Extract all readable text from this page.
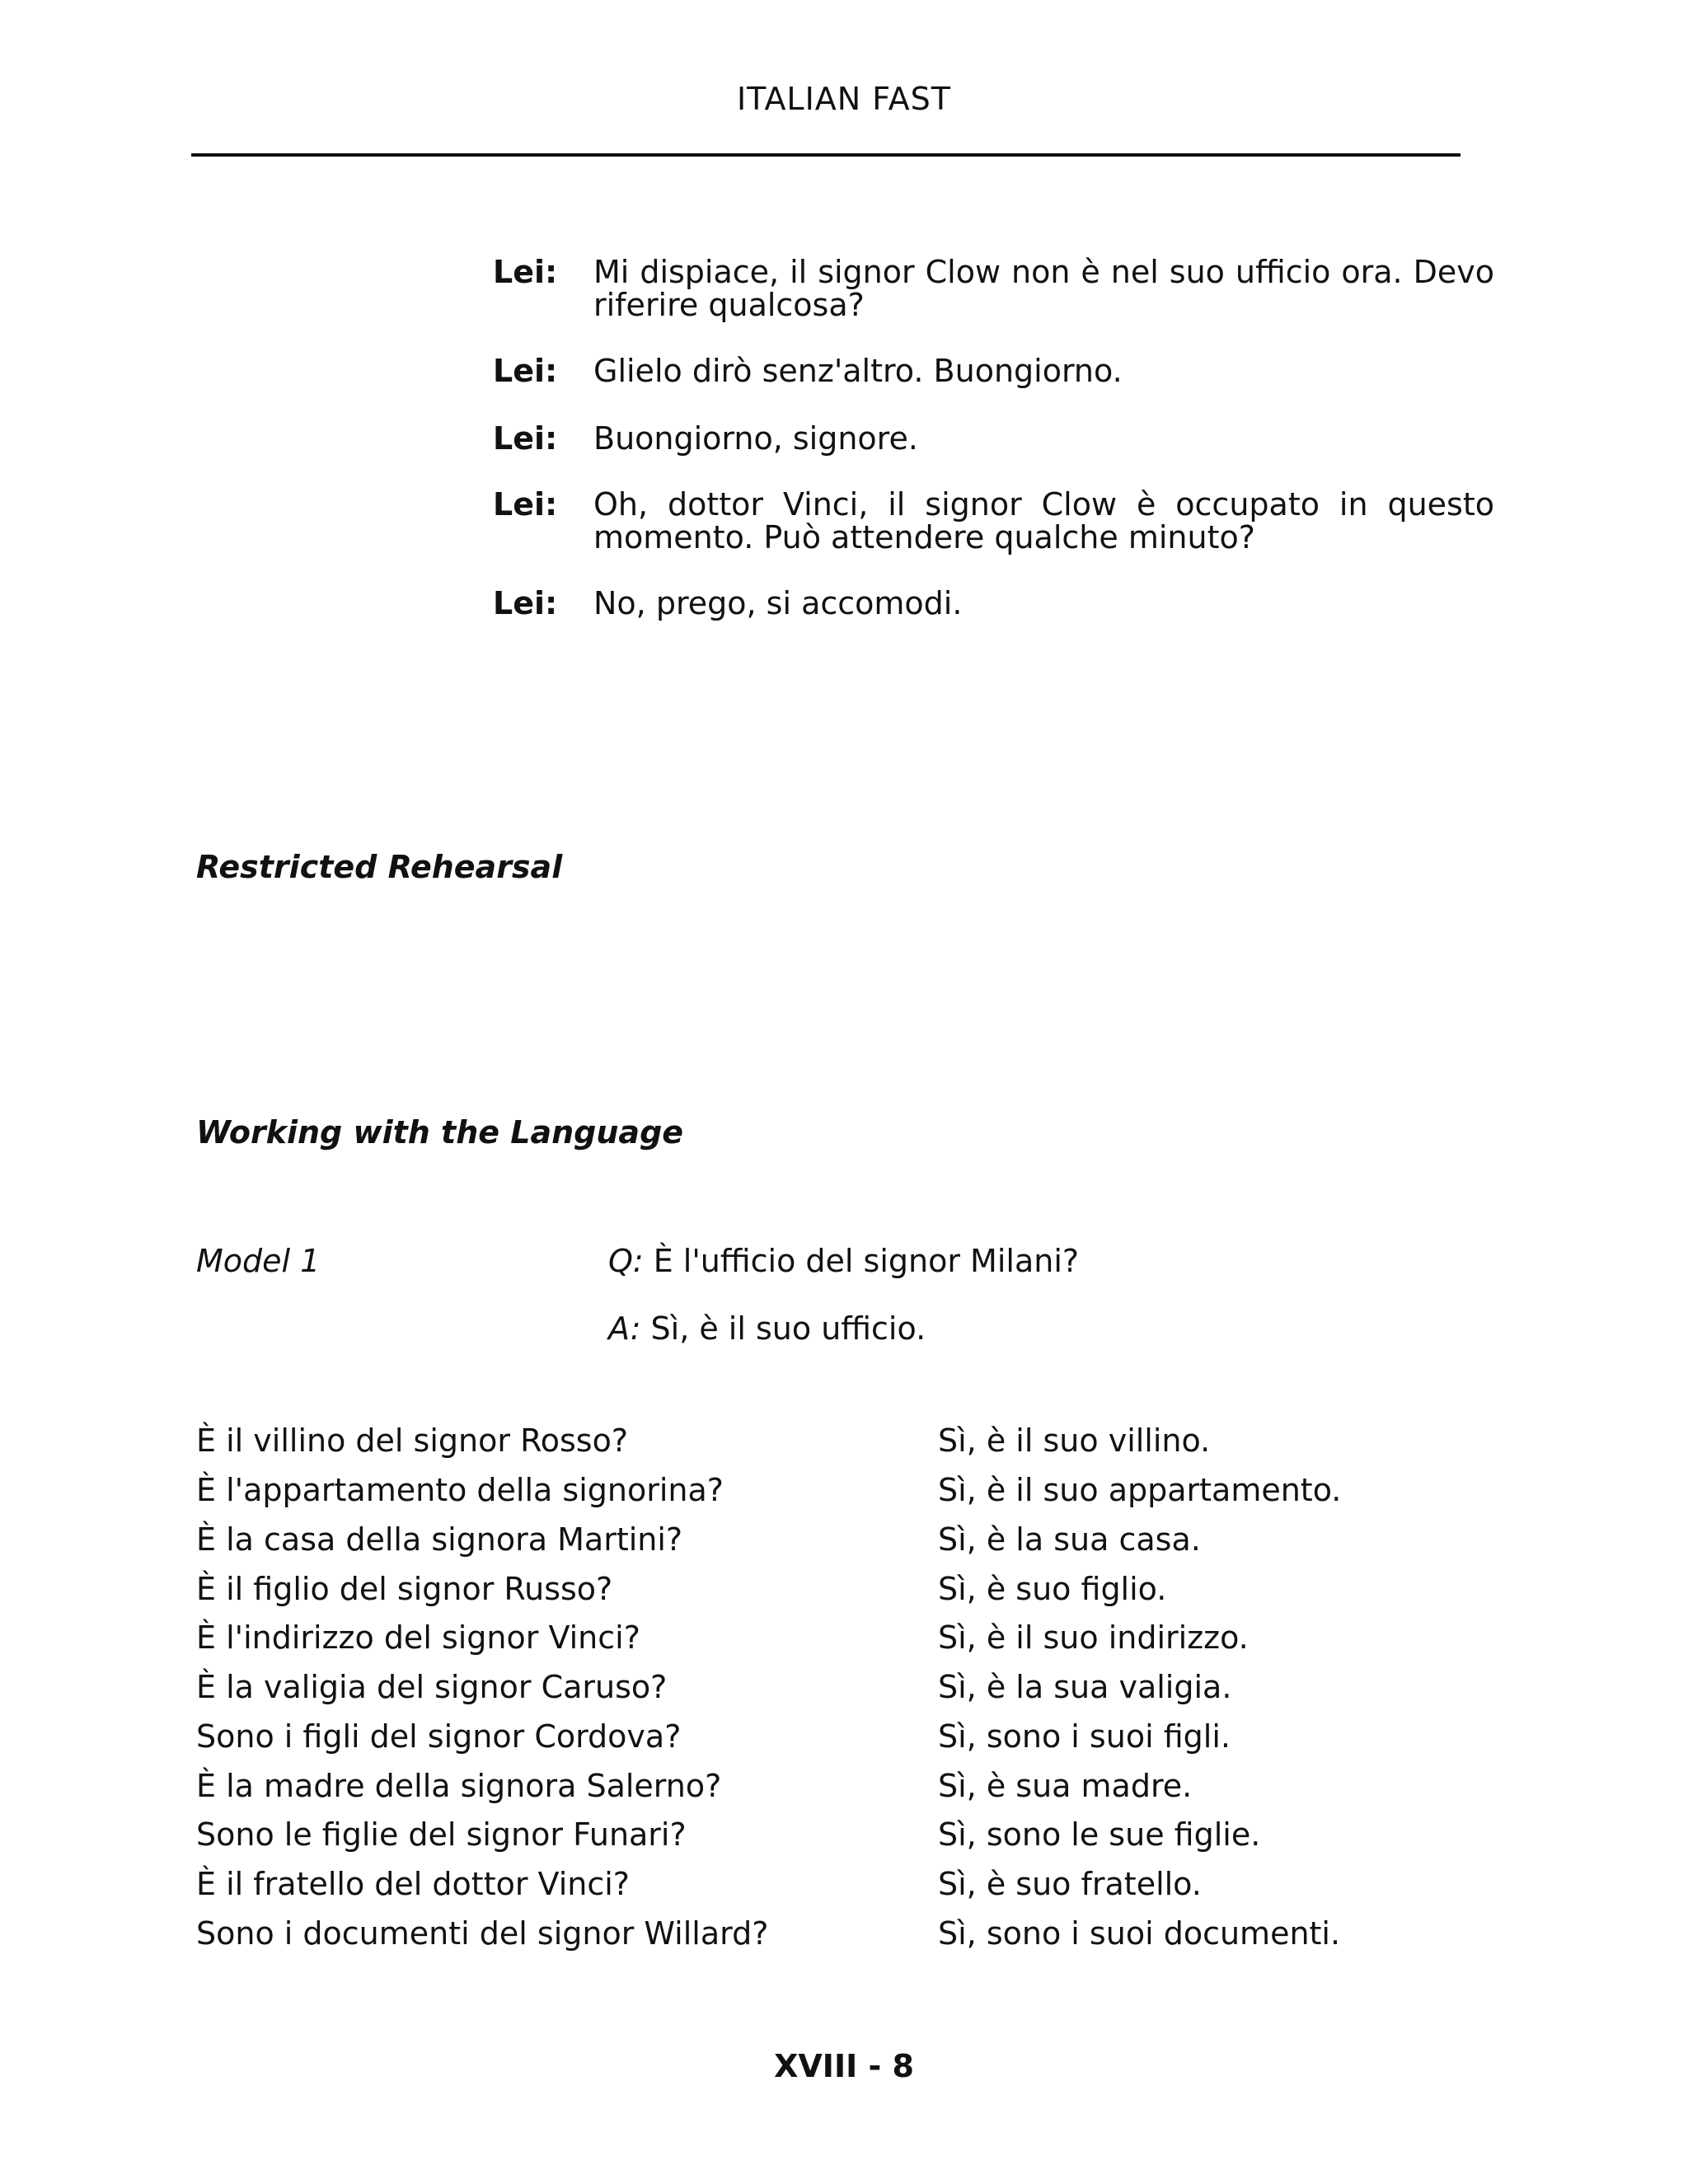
ITALIAN FAST
Lei: Mi dispiace, il signor Clow non è nel suo ufficio ora. Devo riferire qualcosa?
Lei: Glielo dirò senz'altro. Buongiorno.
Lei: Buongiorno, signore.
Lei: Oh, dottor Vinci, il signor Clow è occupato in questo momento. Può attendere qualche minuto?
Lei: No, prego, si accomodi.
Restricted Rehearsal
Working with the Language
Model 1	Q: È l'ufficio del signor Milani?
A: Sì, è il suo ufficio.
È il villino del signor Rosso?	Sì, è il suo villino.
È l'appartamento della signorina?	Sì, è il suo appartamento.
È la casa della signora Martini?	Sì, è la sua casa.
È il figlio del signor Russo?	Sì, è suo figlio.
È l'indirizzo del signor Vinci?	Sì, è il suo indirizzo.
È la valigia del signor Caruso?	Sì, è la sua valigia.
Sono i figli del signor Cordova?	Sì, sono i suoi figli.
È la madre della signora Salerno?	Sì, è sua madre.
Sono le figlie del signor Funari?	Sì, sono le sue figlie.
È il fratello del dottor Vinci?	Sì, è suo fratello.
Sono i documenti del signor Willard?	Sì, sono i suoi documenti.
XVIII - 8
